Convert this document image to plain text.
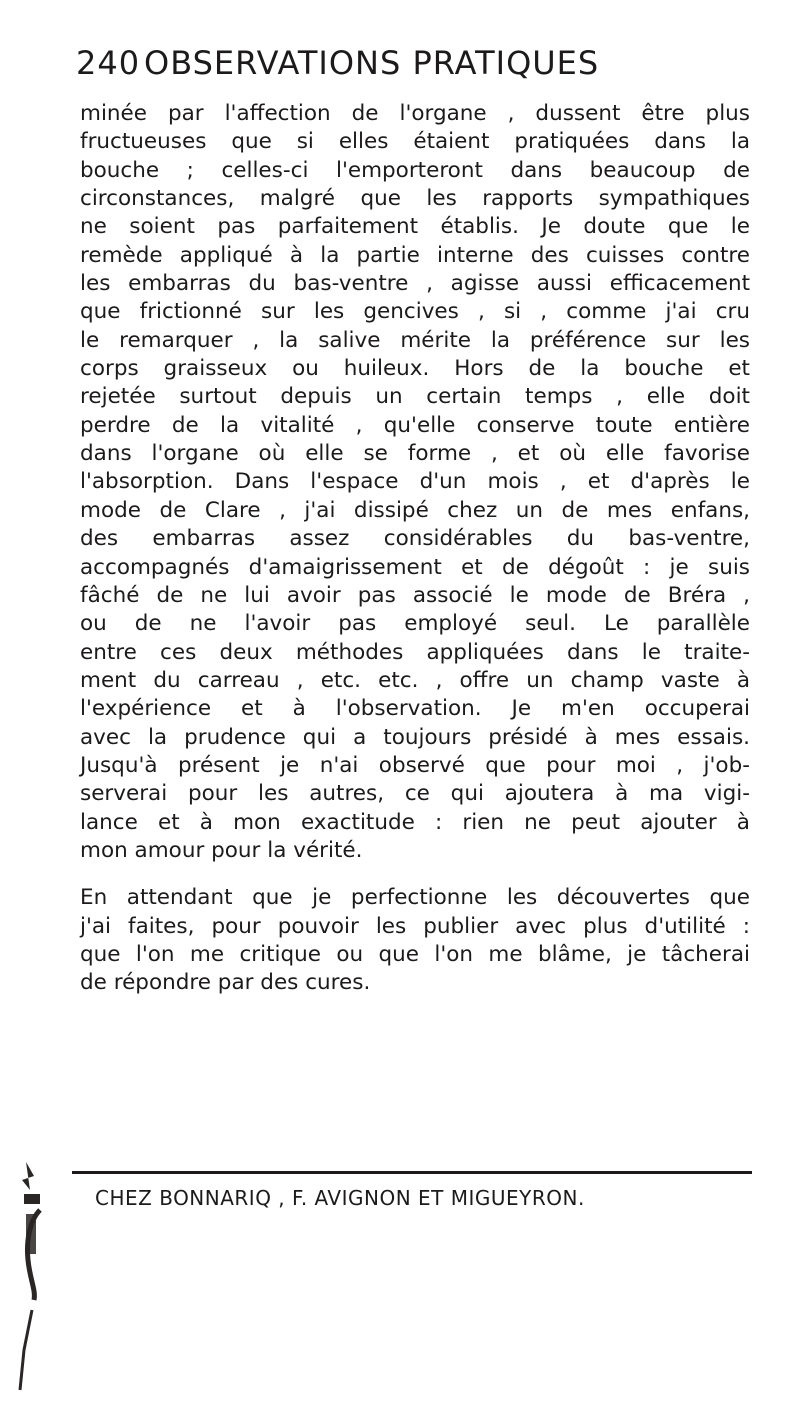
240 OBSERVATIONS PRATIQUES
minée par l'affection de l'organe , dussent être plus
fructueuses que si elles étaient pratiquées dans la
bouche ; celles-ci l'emporteront dans beaucoup de
circonstances, malgré que les rapports sympathiques
ne soient pas parfaitement établis. Je doute que le
remède appliqué à la partie interne des cuisses contre
les embarras du bas-ventre , agisse aussi efficacement
que frictionné sur les gencives , si , comme j'ai cru
le remarquer , la salive mérite la préférence sur les
corps graisseux ou huileux. Hors de la bouche et
rejetée surtout depuis un certain temps , elle doit
perdre de la vitalité , qu'elle conserve toute entière
dans l'organe où elle se forme , et où elle favorise
l'absorption. Dans l'espace d'un mois , et d'après le
mode de Clare , j'ai dissipé chez un de mes enfans,
des embarras assez considérables du bas-ventre,
accompagnés d'amaigrissement et de dégoût : je suis
fâché de ne lui avoir pas associé le mode de Bréra ,
ou de ne l'avoir pas employé seul. Le parallèle
entre ces deux méthodes appliquées dans le traite-
ment du carreau , etc. etc. , offre un champ vaste à
l'expérience et à l'observation. Je m'en occuperai
avec la prudence qui a toujours présidé à mes essais.
Jusqu'à présent je n'ai observé que pour moi , j'ob-
serverai pour les autres, ce qui ajoutera à ma vigi-
lance et à mon exactitude : rien ne peut ajouter à
mon amour pour la vérité.
En attendant que je perfectionne les découvertes que
j'ai faites, pour pouvoir les publier avec plus d'utilité :
que l'on me critique ou que l'on me blâme, je tâcherai
de répondre par des cures.
CHEZ BONNARIQ , F. AVIGNON ET MIGUEYRON.
